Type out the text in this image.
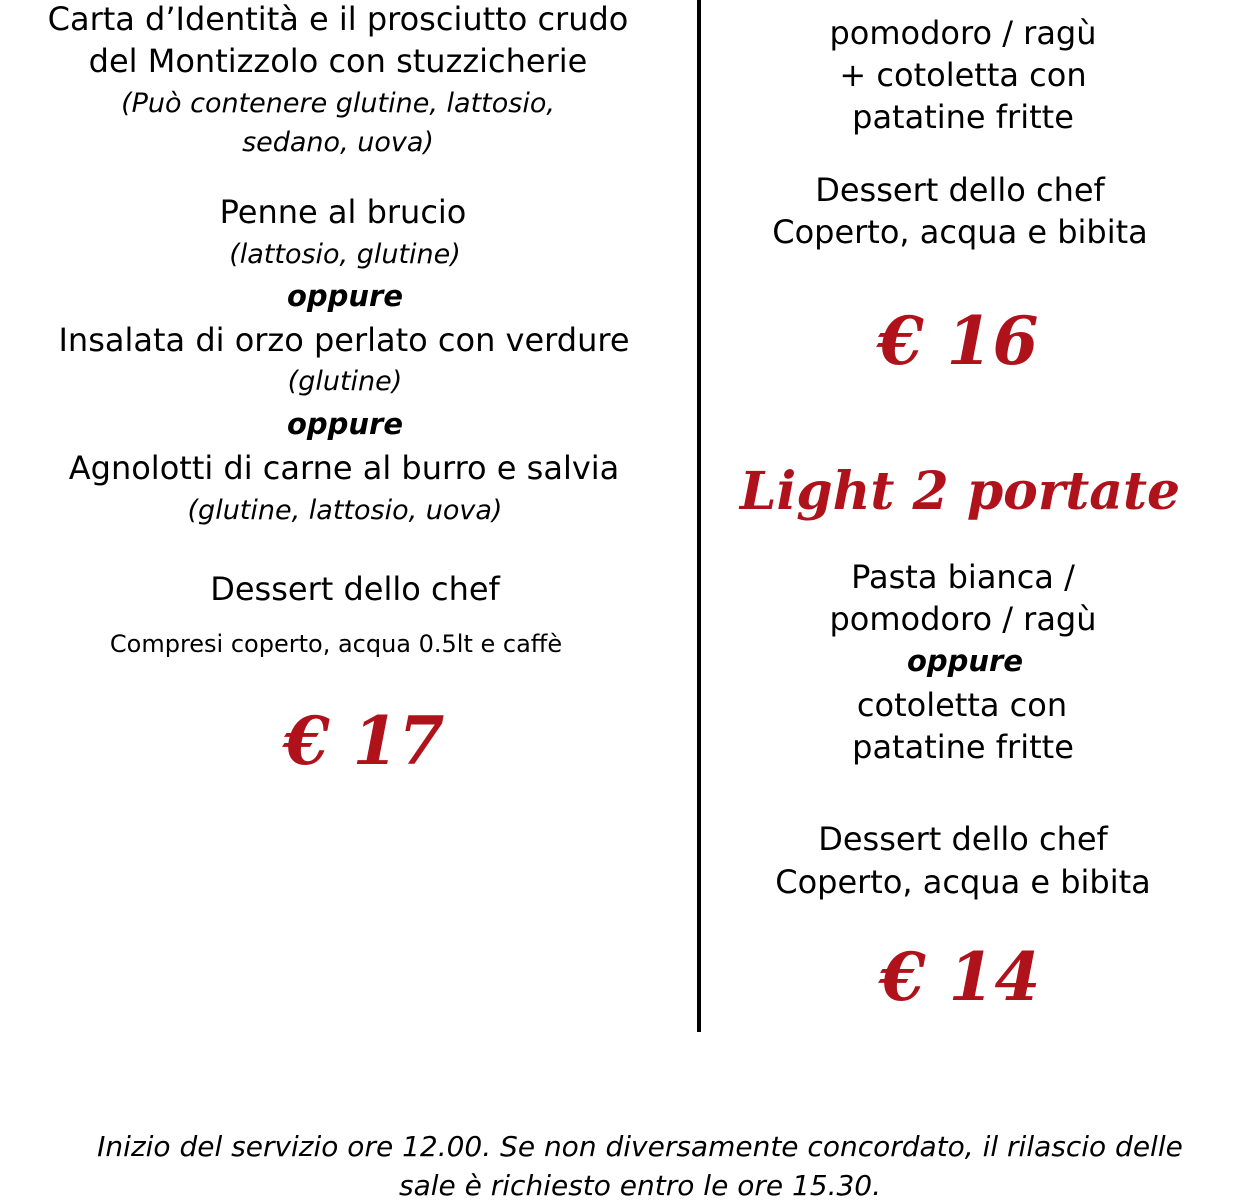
Carta d’Identità e il prosciutto crudo
del Montizzolo con stuzzicherie
(Può contenere glutine, lattosio,
sedano, uova)
Penne al brucio
(lattosio, glutine)
oppure
Insalata di orzo perlato con verdure
(glutine)
oppure
Agnolotti di carne al burro e salvia
(glutine, lattosio, uova)
Dessert dello chef
Compresi coperto, acqua 0.5lt e caffè
€ 17
pomodoro / ragù
+ cotoletta con
patatine fritte
Dessert dello chef
Coperto, acqua e bibita
€ 16
Light 2 portate
Pasta bianca /
pomodoro / ragù
oppure
cotoletta con
patatine fritte
Dessert dello chef
Coperto, acqua e bibita
€ 14
Inizio del servizio ore 12.00. Se non diversamente concordato, il rilascio delle
sale è richiesto entro le ore 15.30.
